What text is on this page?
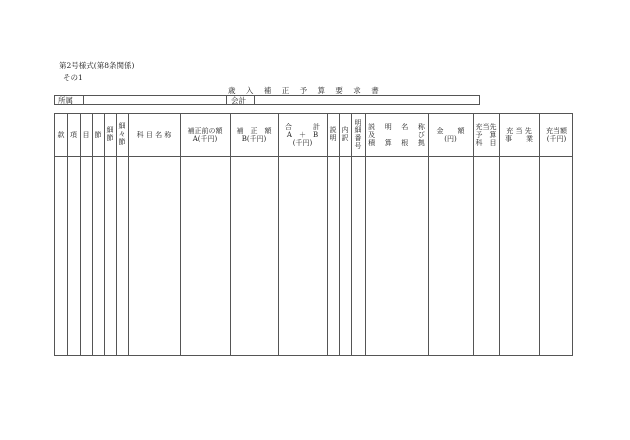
第2号様式(第8条関係)
その1
歳入補正予算要求書
所属	会計
款 項 目 節
細
節
細
々
節
科 目 名 称
補正前の額
A(千円)
補　正　額
B(千円)
合　　　計
A　＋　B
(千円)
説
明
内
訳
明
細
番
号
説 明 名 称
及　　　び
積 算 根 拠
金　　額
(円)
充当先
予　算
科　目
充 当 先
事　　業
充当額
(千円)
